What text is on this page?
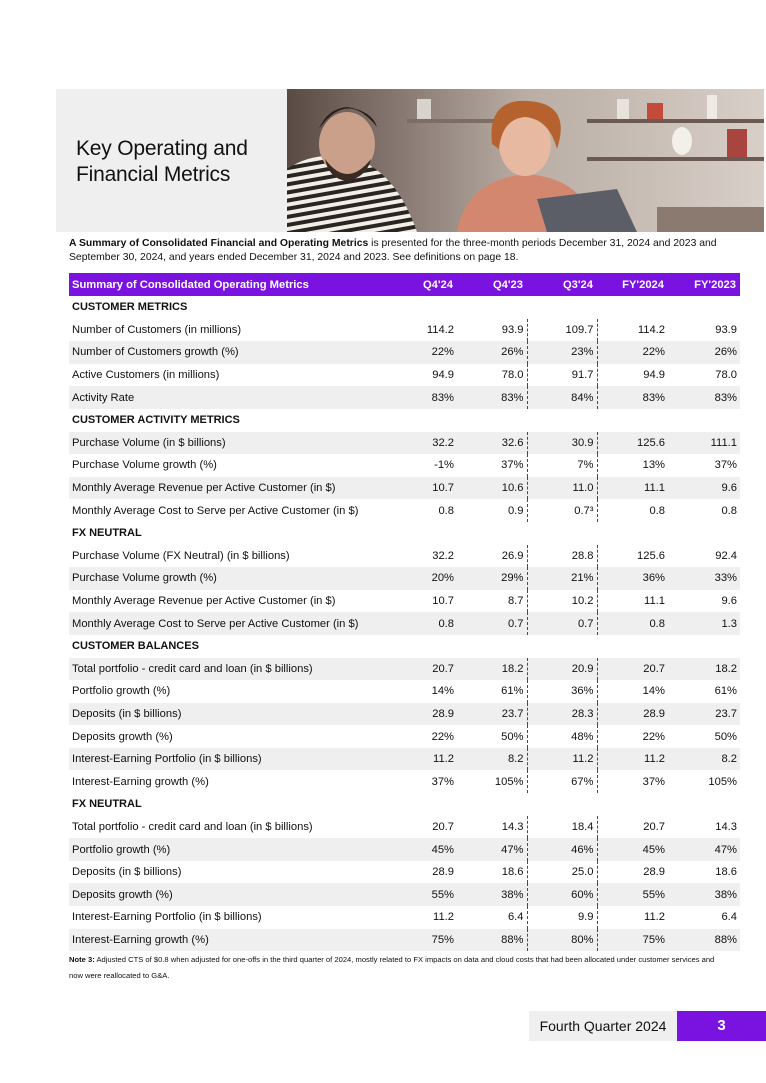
Key Operating and
Financial Metrics

A Summary of Consolidated Financial and Operating Metrics is presented for the three-month periods December 31, 2024 and 2023 and September 30, 2024, and years ended December 31, 2024 and 2023. See definitions on page 18.

Summary of Consolidated Operating Metrics	Q4'24	Q4'23	Q3'24	FY'2024	FY'2023
CUSTOMER METRICS					
Number of Customers (in millions)	114.2	93.9	109.7	114.2	93.9
Number of Customers growth (%)	22%	26%	23%	22%	26%
Active Customers (in millions)	94.9	78.0	91.7	94.9	78.0
Activity Rate	83%	83%	84%	83%	83%
CUSTOMER ACTIVITY METRICS					
Purchase Volume (in $ billions)	32.2	32.6	30.9	125.6	111.1
Purchase Volume growth (%)	-1%	37%	7%	13%	37%
Monthly Average Revenue per Active Customer (in $)	10.7	10.6	11.0	11.1	9.6
Monthly Average Cost to Serve per Active Customer (in $)	0.8	0.9	0.7³	0.8	0.8
FX NEUTRAL					
Purchase Volume (FX Neutral) (in $ billions)	32.2	26.9	28.8	125.6	92.4
Purchase Volume growth (%)	20%	29%	21%	36%	33%
Monthly Average Revenue per Active Customer (in $)	10.7	8.7	10.2	11.1	9.6
Monthly Average Cost to Serve per Active Customer (in $)	0.8	0.7	0.7	0.8	1.3
CUSTOMER BALANCES					
Total portfolio - credit card and loan (in $ billions)	20.7	18.2	20.9	20.7	18.2
Portfolio growth (%)	14%	61%	36%	14%	61%
Deposits (in $ billions)	28.9	23.7	28.3	28.9	23.7
Deposits growth (%)	22%	50%	48%	22%	50%
Interest-Earning Portfolio (in $ billions)	11.2	8.2	11.2	11.2	8.2
Interest-Earning growth (%)	37%	105%	67%	37%	105%
FX NEUTRAL					
Total portfolio - credit card and loan (in $ billions)	20.7	14.3	18.4	20.7	14.3
Portfolio growth (%)	45%	47%	46%	45%	47%
Deposits (in $ billions)	28.9	18.6	25.0	28.9	18.6
Deposits growth (%)	55%	38%	60%	55%	38%
Interest-Earning Portfolio (in $ billions)	11.2	6.4	9.9	11.2	6.4
Interest-Earning growth (%)	75%	88%	80%	75%	88%

Note 3: Adjusted CTS of $0.8 when adjusted for one-offs in the third quarter of 2024, mostly related to FX impacts on data and cloud costs that had been allocated under customer services and now were reallocated to G&A.

Fourth Quarter 2024	3
